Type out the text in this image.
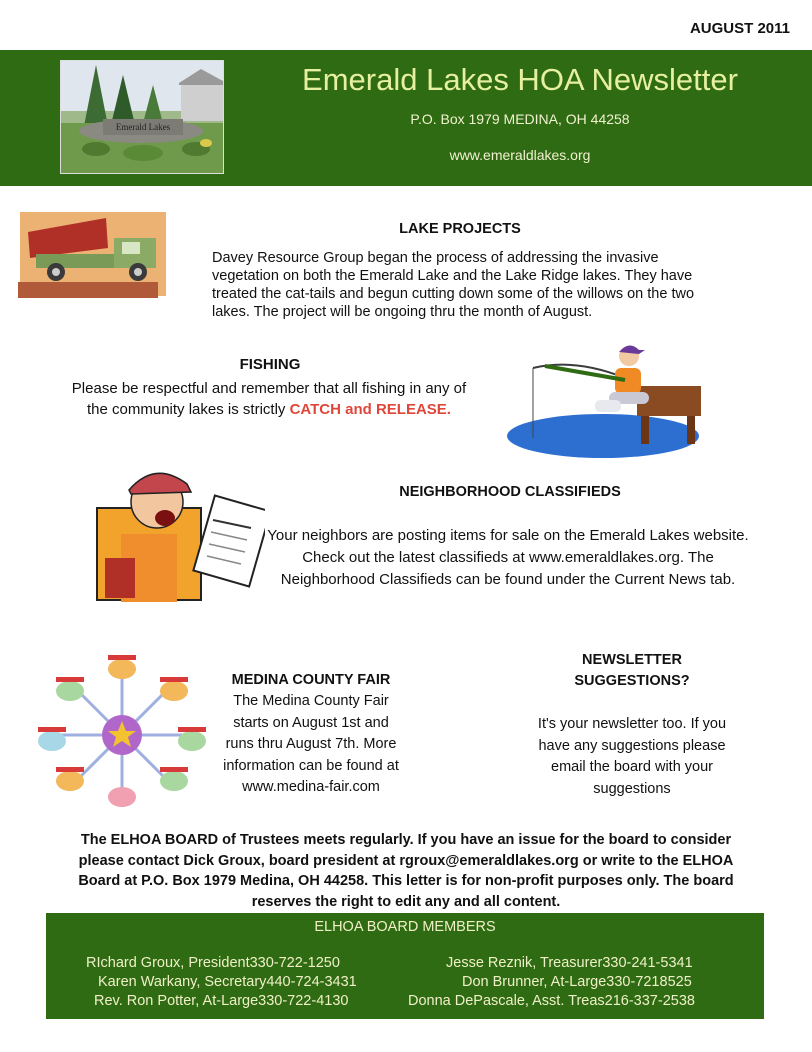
AUGUST 2011
Emerald Lakes
Emerald Lakes HOA Newsletter
P.O. Box 1979 MEDINA, OH 44258
www.emeraldlakes.org
LAKE PROJECTS
Davey Resource Group began the process of addressing the invasive
vegetation on both the Emerald Lake and the Lake Ridge lakes. They have
treated the cat-tails and begun cutting down some of the willows on the two
lakes. The project will be ongoing thru the month of August.
FISHING
Please be respectful and remember that all fishing in any of
the community lakes is strictly CATCH and RELEASE.
NEIGHBORHOOD CLASSIFIEDS
Your neighbors are posting items for sale on the Emerald Lakes website.
Check out the latest classifieds at www.emeraldlakes.org. The
Neighborhood Classifieds can be found under the Current News tab.
MEDINA COUNTY FAIR
The Medina County Fair
starts on August 1st and
runs thru August 7th. More
information can be found at
www.medina-fair.com
NEWSLETTER
SUGGESTIONS?
It's your newsletter too. If you
have any suggestions please
email the board with your
suggestions
The ELHOA BOARD of Trustees meets regularly. If you have an issue for the board to consider
please contact Dick Groux, board president at rgroux@emeraldlakes.org or write to the ELHOA
Board at P.O. Box 1979 Medina, OH 44258. This letter is for non-profit purposes only. The board
reserves the right to edit any and all content.
ELHOA BOARD MEMBERS
RIchard Groux, President330-722-1250
Karen Warkany, Secretary440-724-3431
Rev. Ron Potter, At-Large330-722-4130
Jesse Reznik, Treasurer330-241-5341
Don Brunner, At-Large330-7218525
Donna DePascale, Asst. Treas216-337-2538
